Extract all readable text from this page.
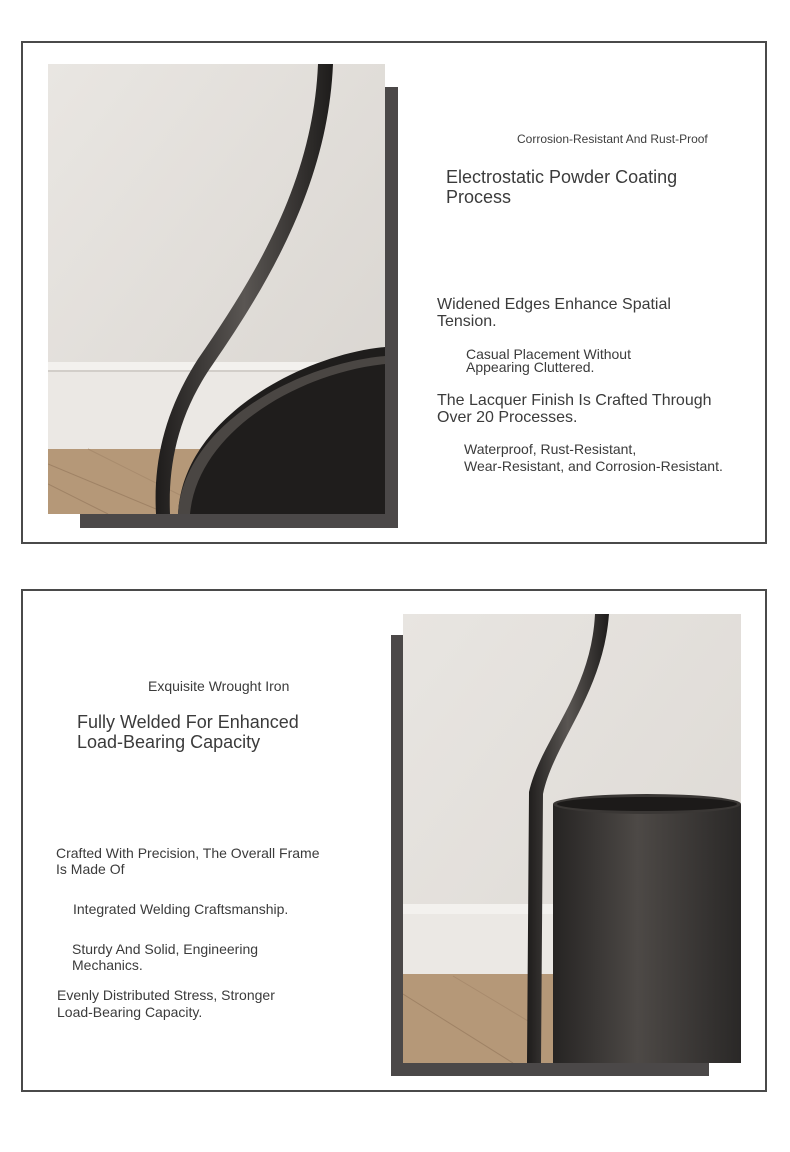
Corrosion-Resistant And Rust-Proof
Electrostatic Powder Coating
Process
Widened Edges Enhance Spatial
Tension.
Casual Placement Without
Appearing Cluttered.
The Lacquer Finish Is Crafted Through
Over 20 Processes.
Waterproof, Rust-Resistant,
Wear-Resistant, and Corrosion-Resistant.
Exquisite Wrought Iron
Fully Welded For Enhanced
Load-Bearing Capacity
Crafted With Precision, The Overall Frame
Is Made Of
Integrated Welding Craftsmanship.
Sturdy And Solid, Engineering
Mechanics.
Evenly Distributed Stress, Stronger
Load-Bearing Capacity.
